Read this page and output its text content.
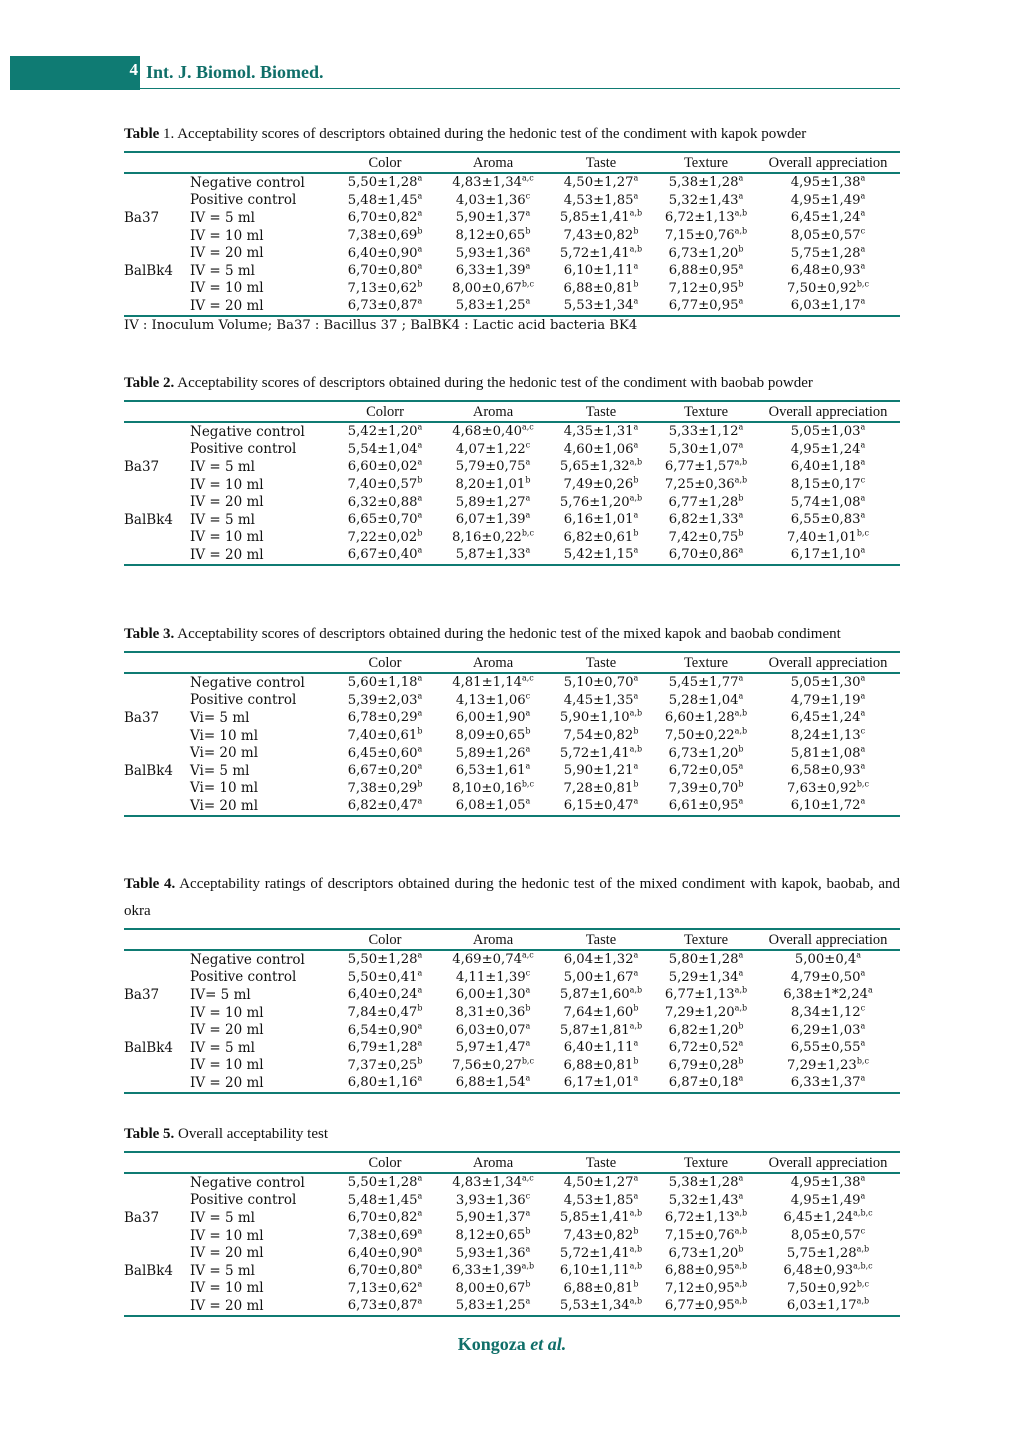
4 Int. J. Biomol. Biomed.

Table 1. Acceptability scores of descriptors obtained during the hedonic test of the condiment with kapok powder

		Color	Aroma	Taste	Texture	Overall appreciation
	Negative control	5,50±1,28$^a$	$4,83\pm 1,34^{a,c}$	4,50±1,27$^a$	5,38±1,28$^a$	4,95±1,38$^a$
	Positive control	5,48±1,45$^a$	4,03±1,36$^c$	4,53±1,85$^a$	5,32±1,43$^a$	4,95±1,49$^a$
Ba37	IV = 5 ml	6,70±0,82$^a$	5,90±1,37$^a$	$5,85\pm 1,41^{a,b}$	$6,72\pm 1,13^{a,b}$	6,45±1,24$^a$
	IV = 10 ml	7,38±0,69$^b$	8,12±0,65$^b$	7,43±0,82$^b$	$7,15\pm 0,76^{a,b}$	8,05±0,57$^c$
	IV = 20 ml	6,40±0,90$^a$	5,93±1,36$^a$	$5,72\pm 1,41^{a,b}$	6,73±1,20$^b$	5,75±1,28$^a$
BalBk4	IV = 5 ml	6,70±0,80$^a$	6,33±1,39$^a$	6,10±1,11$^a$	6,88±0,95$^a$	6,48±0,93$^a$
	IV = 10 ml	7,13±0,62$^b$	$8,00\pm 0,67^{b,c}$	6,88±0,81$^b$	7,12±0,95$^b$	$7,50\pm 0,92^{b,c}$
	IV = 20 ml	6,73±0,87$^a$	5,83±1,25$^a$	5,53±1,34$^a$	6,77±0,95$^a$	6,03±1,17$^a$
IV : Inoculum Volume; Ba37 : Bacillus 37 ; BalBK4 : Lactic acid bacteria BK4

Table 2. Acceptability scores of descriptors obtained during the hedonic test of the condiment with baobab powder

		Colorr	Aroma	Taste	Texture	Overall appreciation
	Negative control	5,42±1,20$^a$	$4,68\pm 0,40^{a,c}$	4,35±1,31$^a$	5,33±1,12$^a$	5,05±1,03$^a$
	Positive control	5,54±1,04$^a$	4,07±1,22$^c$	4,60±1,06$^a$	5,30±1,07$^a$	4,95±1,24$^a$
Ba37	IV = 5 ml	6,60±0,02$^a$	5,79±0,75$^a$	$5,65\pm 1,32^{a,b}$	$6,77\pm 1,57^{a,b}$	6,40±1,18$^a$
	IV = 10 ml	7,40±0,57$^b$	8,20±1,01$^b$	7,49±0,26$^b$	$7,25\pm 0,36^{a,b}$	8,15±0,17$^c$
	IV = 20 ml	6,32±0,88$^a$	5,89±1,27$^a$	$5,76\pm 1,20^{a,b}$	6,77±1,28$^b$	5,74±1,08$^a$
BalBk4	IV = 5 ml	6,65±0,70$^a$	6,07±1,39$^a$	6,16±1,01$^a$	6,82±1,33$^a$	6,55±0,83$^a$
	IV = 10 ml	7,22±0,02$^b$	$8,16\pm 0,22^{b,c}$	6,82±0,61$^b$	7,42±0,75$^b$	$7,40\pm 1,01^{b,c}$
	IV = 20 ml	6,67±0,40$^a$	5,87±1,33$^a$	5,42±1,15$^a$	6,70±0,86$^a$	6,17±1,10$^a$

Table 3. Acceptability scores of descriptors obtained during the hedonic test of the mixed kapok and baobab condiment

		Color	Aroma	Taste	Texture	Overall appreciation
	Negative control	5,60±1,18$^a$	$4,81\pm 1,14^{a,c}$	5,10±0,70$^a$	5,45±1,77$^a$	5,05±1,30$^a$
	Positive control	5,39±2,03$^a$	4,13±1,06$^c$	4,45±1,35$^a$	5,28±1,04$^a$	4,79±1,19$^a$
Ba37	Vi= 5 ml	6,78±0,29$^a$	6,00±1,90$^a$	$5,90\pm 1,10^{a,b}$	$6,60\pm 1,28^{a,b}$	6,45±1,24$^a$
	Vi= 10 ml	7,40±0,61$^b$	8,09±0,65$^b$	7,54±0,82$^b$	$7,50\pm 0,22^{a,b}$	8,24±1,13$^c$
	Vi= 20 ml	6,45±0,60$^a$	5,89±1,26$^a$	$5,72\pm 1,41^{a,b}$	6,73±1,20$^b$	5,81±1,08$^a$
BalBk4	Vi= 5 ml	6,67±0,20$^a$	6,53±1,61$^a$	5,90±1,21$^a$	6,72±0,05$^a$	6,58±0,93$^a$
	Vi= 10 ml	7,38±0,29$^b$	$8,10\pm 0,16^{b,c}$	7,28±0,81$^b$	7,39±0,70$^b$	$7,63\pm 0,92^{b,c}$
	Vi= 20 ml	6,82±0,47$^a$	6,08±1,05$^a$	6,15±0,47$^a$	6,61±0,95$^a$	6,10±1,72$^a$

Table 4. Acceptability ratings of descriptors obtained during the hedonic test of the mixed condiment with kapok, baobab, and okra

		Color	Aroma	Taste	Texture	Overall appreciation
	Negative control	5,50±1,28$^a$	$4,69\pm 0,74^{a,c}$	6,04±1,32$^a$	5,80±1,28$^a$	5,00±0,4$^a$
	Positive control	5,50±0,41$^a$	4,11±1,39$^c$	5,00±1,67$^a$	5,29±1,34$^a$	4,79±0,50$^a$
Ba37	IV= 5 ml	6,40±0,24$^a$	6,00±1,30$^a$	$5,87\pm 1,60^{a,b}$	$6,77\pm 1,13^{a,b}$	6,38±1*2,24$^a$
	IV = 10 ml	7,84±0,47$^b$	8,31±0,36$^b$	7,64±1,60$^b$	$7,29\pm 1,20^{a,b}$	8,34±1,12$^c$
	IV = 20 ml	6,54±0,90$^a$	6,03±0,07$^a$	$5,87\pm 1,81^{a,b}$	6,82±1,20$^b$	6,29±1,03$^a$
BalBk4	IV = 5 ml	6,79±1,28$^a$	5,97±1,47$^a$	6,40±1,11$^a$	6,72±0,52$^a$	6,55±0,55$^a$
	IV = 10 ml	7,37±0,25$^b$	$7,56\pm 0,27^{b,c}$	6,88±0,81$^b$	6,79±0,28$^b$	$7,29\pm 1,23^{b,c}$
	IV = 20 ml	6,80±1,16$^a$	6,88±1,54$^a$	6,17±1,01$^a$	6,87±0,18$^a$	6,33±1,37$^a$

Table 5. Overall acceptability test

		Color	Aroma	Taste	Texture	Overall appreciation
	Negative control	5,50±1,28$^a$	$4,83\pm 1,34^{a,c}$	4,50±1,27$^a$	5,38±1,28$^a$	4,95±1,38$^a$
	Positive control	5,48±1,45$^a$	3,93±1,36$^c$	4,53±1,85$^a$	5,32±1,43$^a$	4,95±1,49$^a$
Ba37	IV = 5 ml	6,70±0,82$^a$	5,90±1,37$^a$	$5,85\pm 1,41^{a,b}$	$6,72\pm 1,13^{a,b}$	$6,45\pm 1,24^{a,b,c}$
	IV = 10 ml	7,38±0,69$^a$	8,12±0,65$^b$	7,43±0,82$^b$	$7,15\pm 0,76^{a,b}$	8,05±0,57$^c$
	IV = 20 ml	6,40±0,90$^a$	5,93±1,36$^a$	$5,72\pm 1,41^{a,b}$	6,73±1,20$^b$	$5,75\pm 1,28^{a,b}$
BalBk4	IV = 5 ml	6,70±0,80$^a$	$6,33\pm 1,39^{a,b}$	$6,10\pm 1,11^{a,b}$	$6,88\pm 0,95^{a,b}$	$6,48\pm 0,93^{a,b,c}$
	IV = 10 ml	7,13±0,62$^a$	8,00±0,67$^b$	6,88±0,81$^b$	$7,12\pm 0,95^{a,b}$	$7,50\pm 0,92^{b,c}$
	IV = 20 ml	6,73±0,87$^a$	5,83±1,25$^a$	$5,53\pm 1,34^{a,b}$	$6,77\pm 0,95^{a,b}$	$6,03\pm 1,17^{a,b}$
Kongoza et al.
